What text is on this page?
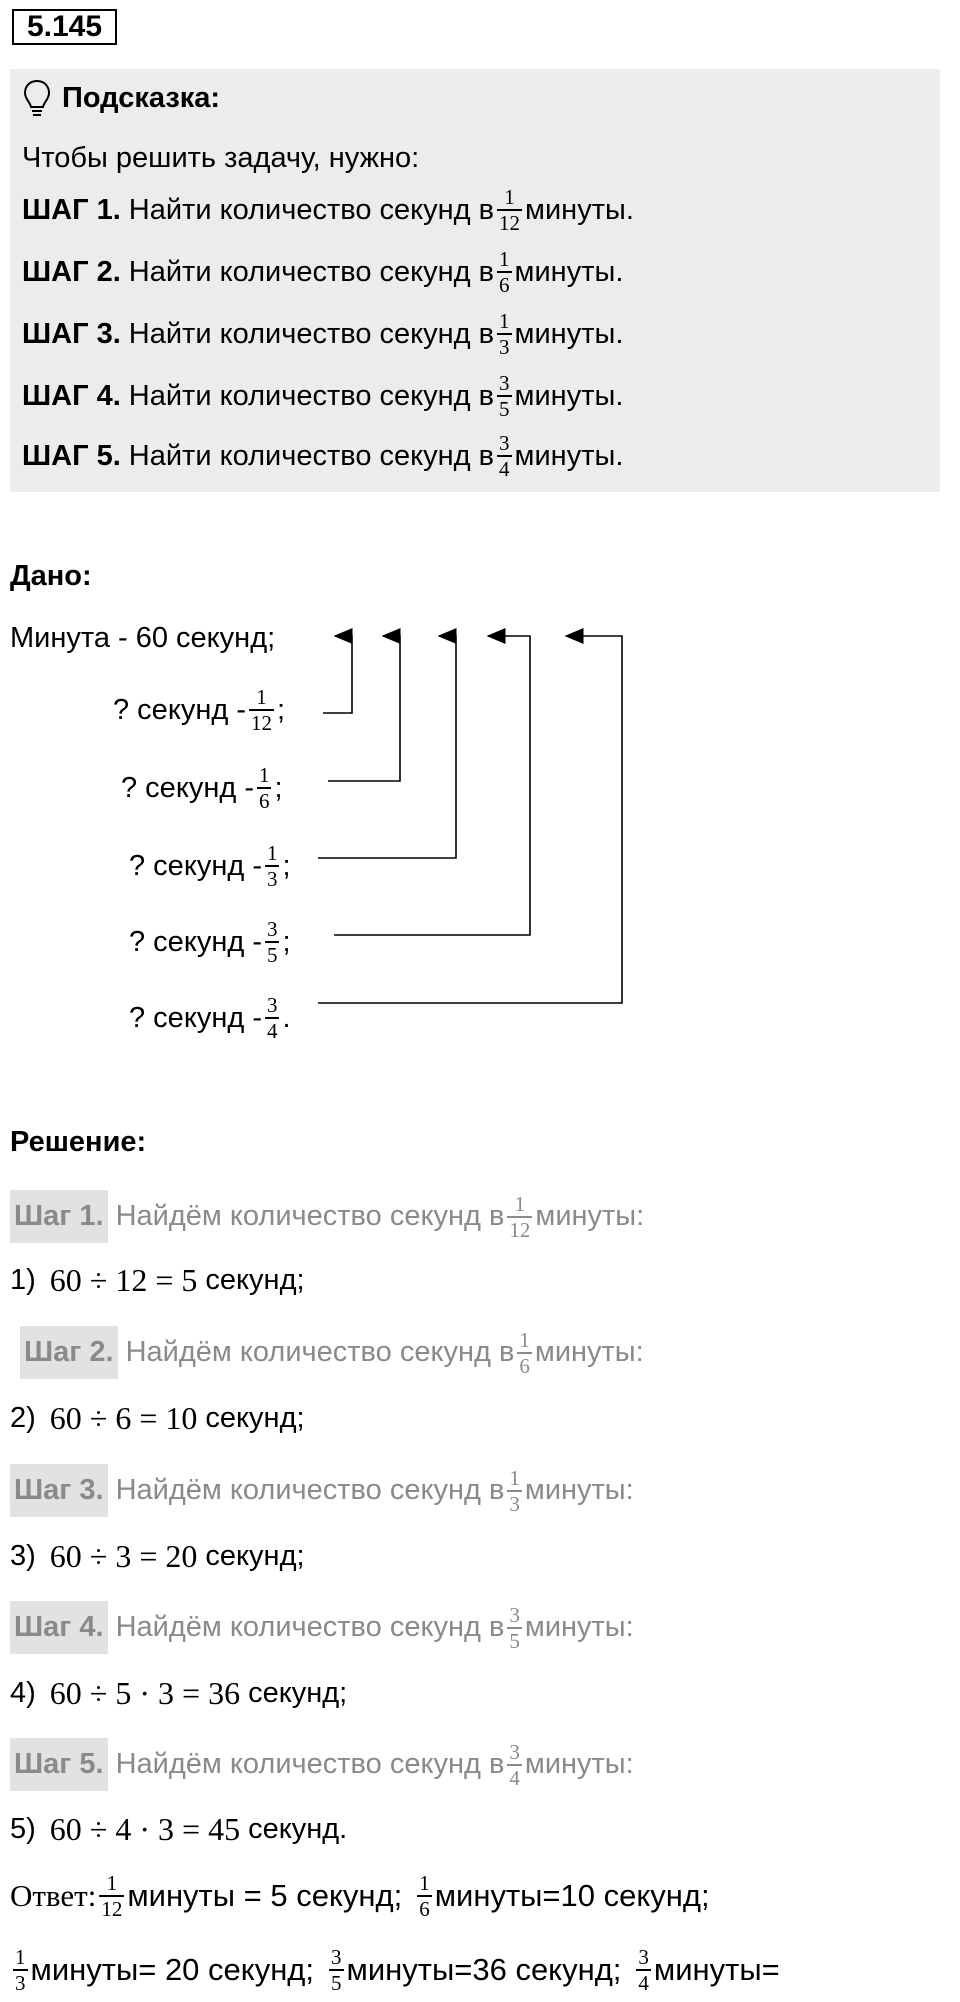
5.145
Подсказка:
Чтобы решить задачу, нужно:
ШАГ 1. Найти количество секунд в $\frac{1}{12}$ минуты.
ШАГ 2. Найти количество секунд в $\frac{1}{6}$ минуты.
ШАГ 3. Найти количество секунд в $\frac{1}{3}$ минуты.
ШАГ 4. Найти количество секунд в $\frac{3}{5}$ минуты.
ШАГ 5. Найти количество секунд в $\frac{3}{4}$ минуты.
Дано:
Минута - 60 секунд;
? секунд - $\frac{1}{12}$ ;
? секунд - $\frac{1}{6}$ ;
? секунд - $\frac{1}{3}$ ;
? секунд - $\frac{3}{5}$ ;
? секунд - $\frac{3}{4}$ .
Решение:
Шаг 1. Найдём количество секунд в $\frac{1}{12}$ минуты:
1) 60 ÷ 12 = 5 секунд;
Шаг 2. Найдём количество секунд в $\frac{1}{6}$ минуты:
2) 60 ÷ 6 = 10 секунд;
Шаг 3. Найдём количество секунд в $\frac{1}{3}$ минуты:
3) 60 ÷ 3 = 20 секунд;
Шаг 4. Найдём количество секунд в $\frac{3}{5}$ минуты:
4) 60 ÷ 5 · 3 = 36 секунд;
Шаг 5. Найдём количество секунд в $\frac{3}{4}$ минуты:
5) 60 ÷ 4 · 3 = 45 секунд.
Ответ: $\frac{1}{12}$ минуты = 5 секунд; $\frac{1}{6}$ минуты=10 секунд;
$\frac{1}{3}$ минуты= 20 секунд; $\frac{3}{5}$ минуты=36 секунд; $\frac{3}{4}$ минуты=
